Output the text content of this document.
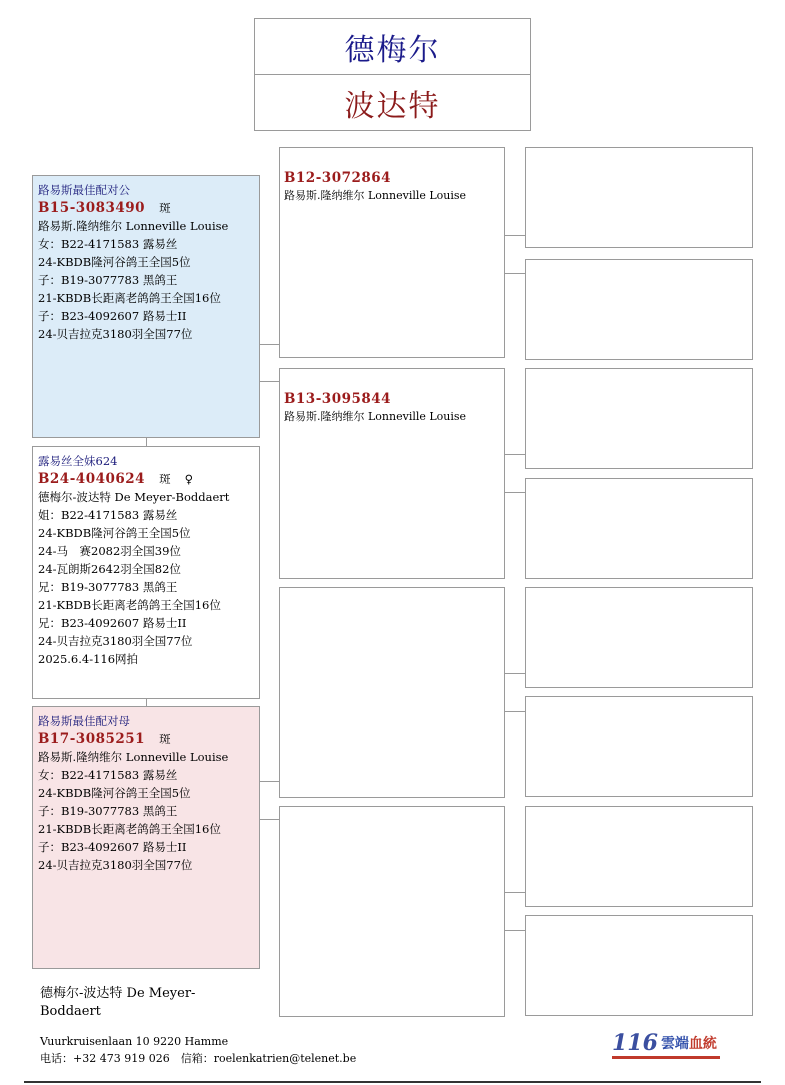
德梅尔
波达特
路易斯最佳配对公
B15-3083490 斑
路易斯.隆纳维尔 Lonneville Louise
女：B22-4171583 露易丝
24-KBDB隆河谷鸽王全国5位
子：B19-3077783 黑鸽王
21-KBDB长距离老鸽鸽王全国16位
子：B23-4092607 路易士II
24-贝吉拉克3180羽全国77位
露易丝全妹624
B24-4040624 斑 ♀
德梅尔-波达特 De Meyer-Boddaert
姐：B22-4171583 露易丝
24-KBDB隆河谷鸽王全国5位
24-马　赛2082羽全国39位
24-瓦朗斯2642羽全国82位
兄：B19-3077783 黑鸽王
21-KBDB长距离老鸽鸽王全国16位
兄：B23-4092607 路易士II
24-贝吉拉克3180羽全国77位
2025.6.4-116网拍
路易斯最佳配对母
B17-3085251 斑
路易斯.隆纳维尔 Lonneville Louise
女：B22-4171583 露易丝
24-KBDB隆河谷鸽王全国5位
子：B19-3077783 黑鸽王
21-KBDB长距离老鸽鸽王全国16位
子：B23-4092607 路易士II
24-贝吉拉克3180羽全国77位
B12-3072864
路易斯.隆纳维尔 Lonneville Louise
B13-3095844
路易斯.隆纳维尔 Lonneville Louise
德梅尔-波达特 De Meyer-Boddaert
Vuurkruisenlaan 10 9220 Hamme
电话：+32 473 919 026　信箱：roelenkatrien@telenet.be
116 雲端血統
